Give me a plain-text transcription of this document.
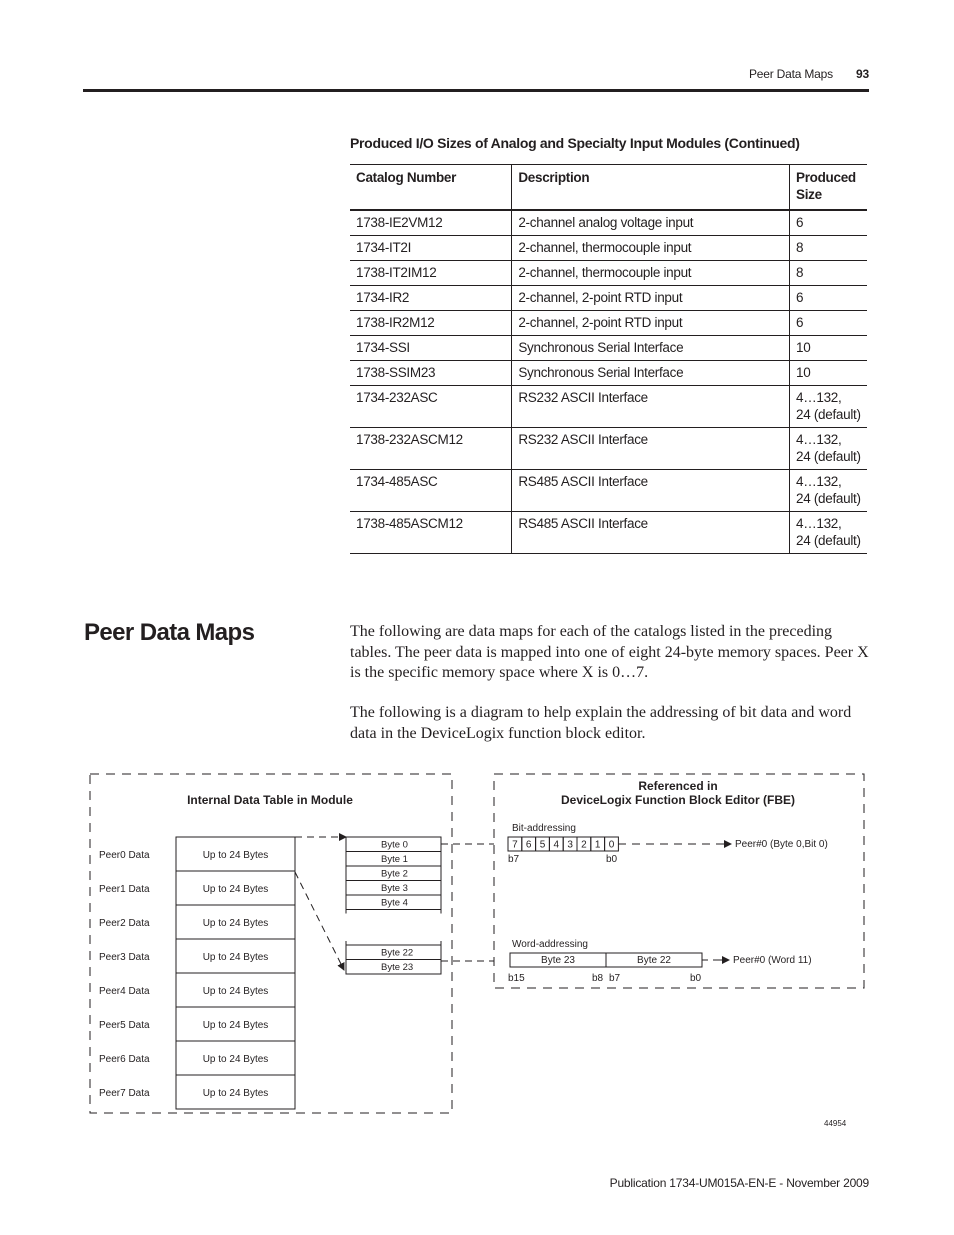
Peer Data Maps 93
Produced I/O Sizes of Analog and Specialty Input Modules (Continued)
Catalog Number	Description	Produced Size
1738-IE2VM12	2-channel analog voltage input	6
1734-IT2I	2-channel, thermocouple input	8
1738-IT2IM12	2-channel, thermocouple input	8
1734-IR2	2-channel, 2-point RTD input	6
1738-IR2M12	2-channel, 2-point RTD input	6
1734-SSI	Synchronous Serial Interface	10
1738-SSIM23	Synchronous Serial Interface	10
1734-232ASC	RS232 ASCII Interface	4…132,
24 (default)
1738-232ASCM12	RS232 ASCII Interface	4…132,
24 (default)
1734-485ASC	RS485 ASCII Interface	4…132,
24 (default)
1738-485ASCM12	RS485 ASCII Interface	4…132,
24 (default)
Peer Data Maps	The following are data maps for each of the catalogs listed in the preceding tables. The peer data is mapped into one of eight 24-byte memory spaces. Peer X is the specific memory space where X is 0…7.
The following is a diagram to help explain the addressing of bit data and word data in the DeviceLogix function block editor.
Internal Data Table in Module
Referenced in
DeviceLogix Function Block Editor (FBE)
Peer0 Data	Up to 24 Bytes
Peer1 Data	Up to 24 Bytes
Peer2 Data	Up to 24 Bytes
Peer3 Data	Up to 24 Bytes
Peer4 Data	Up to 24 Bytes
Peer5 Data	Up to 24 Bytes
Peer6 Data	Up to 24 Bytes
Peer7 Data	Up to 24 Bytes
Byte 0
Byte 1
Byte 2
Byte 3
Byte 4
Byte 22
Byte 23
Bit-addressing
7 6 5 4 3 2 1 0
b7	b0
Peer#0 (Byte 0,Bit 0)
Word-addressing
Byte 23	Byte 22
b15	b8 b7	b0
Peer#0 (Word 11)
44954
Publication 1734-UM015A-EN-E - November 2009
